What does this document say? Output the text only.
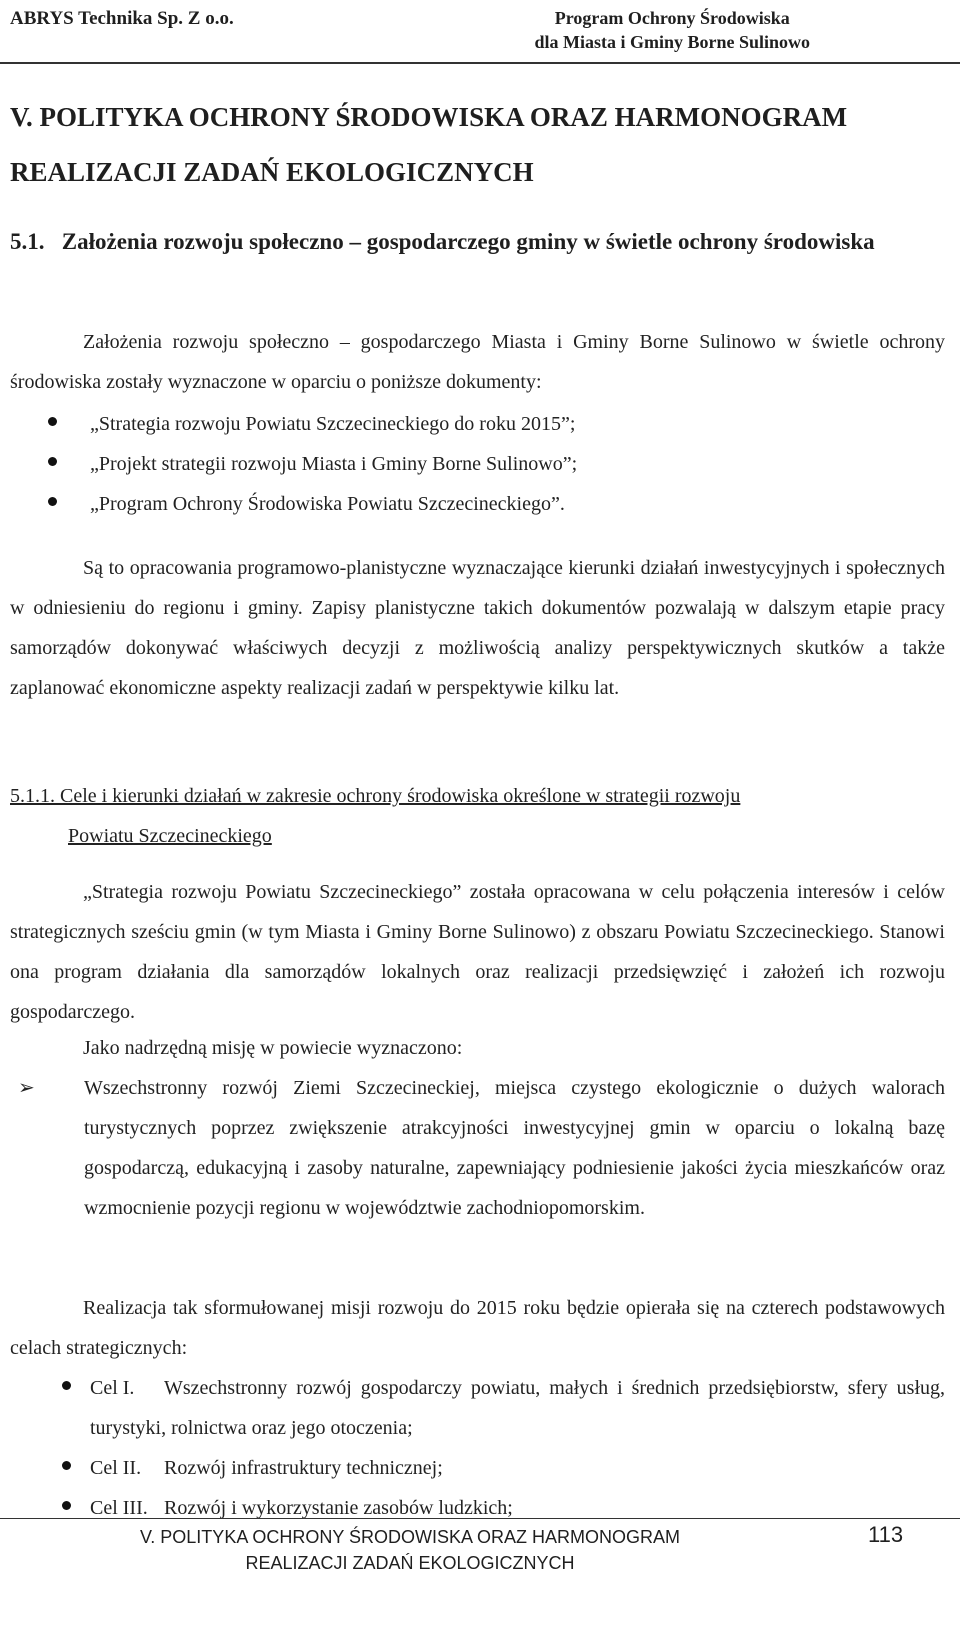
ABRYS Technika Sp. Z o.o.	Program Ochrony Środowiska
dla Miasta i Gminy Borne Sulinowo
V. POLITYKA OCHRONY ŚRODOWISKA ORAZ HARMONOGRAM
REALIZACJI ZADAŃ EKOLOGICZNYCH
5.1. Założenia rozwoju społeczno – gospodarczego gminy w świetle ochrony środowiska

Założenia rozwoju społeczno – gospodarczego Miasta i Gminy Borne Sulinowo w świetle ochrony środowiska zostały wyznaczone w oparciu o poniższe dokumenty:

„Strategia rozwoju Powiatu Szczecineckiego do roku 2015”;
„Projekt strategii rozwoju Miasta i Gminy Borne Sulinowo”;
„Program Ochrony Środowiska Powiatu Szczecineckiego”.

Są to opracowania programowo-planistyczne wyznaczające kierunki działań inwestycyjnych i społecznych w odniesieniu do regionu i gminy. Zapisy planistyczne takich dokumentów pozwalają w dalszym etapie pracy samorządów dokonywać właściwych decyzji z możliwością analizy perspektywicznych skutków a także zaplanować ekonomiczne aspekty realizacji zadań w perspektywie kilku lat.

5.1.1. Cele i kierunki działań w zakresie ochrony środowiska określone w strategii rozwoju
Powiatu Szczecineckiego

„Strategia rozwoju Powiatu Szczecineckiego” została opracowana w celu połączenia interesów i celów strategicznych sześciu gmin (w tym Miasta i Gminy Borne Sulinowo) z obszaru Powiatu Szczecineckiego. Stanowi ona program działania dla samorządów lokalnych oraz realizacji przedsięwzięć i założeń ich rozwoju gospodarczego.

Jako nadrzędną misję w powiecie wyznaczono:

➢	Wszechstronny rozwój Ziemi Szczecineckiej, miejsca czystego ekologicznie o dużych walorach turystycznych poprzez zwiększenie atrakcyjności inwestycyjnej gmin w oparciu o lokalną bazę gospodarczą, edukacyjną i zasoby naturalne, zapewniający podniesienie jakości życia mieszkańców oraz wzmocnienie pozycji regionu w województwie zachodniopomorskim.

Realizacja tak sformułowanej misji rozwoju do 2015 roku będzie opierała się na czterech podstawowych celach strategicznych:

Cel I. Wszechstronny rozwój gospodarczy powiatu, małych i średnich przedsiębiorstw, sfery usług, turystyki, rolnictwa oraz jego otoczenia;
Cel II. Rozwój infrastruktury technicznej;
Cel III. Rozwój i wykorzystanie zasobów ludzkich;
V. POLITYKA OCHRONY ŚRODOWISKA ORAZ HARMONOGRAM
REALIZACJI ZADAŃ EKOLOGICZNYCH
113
